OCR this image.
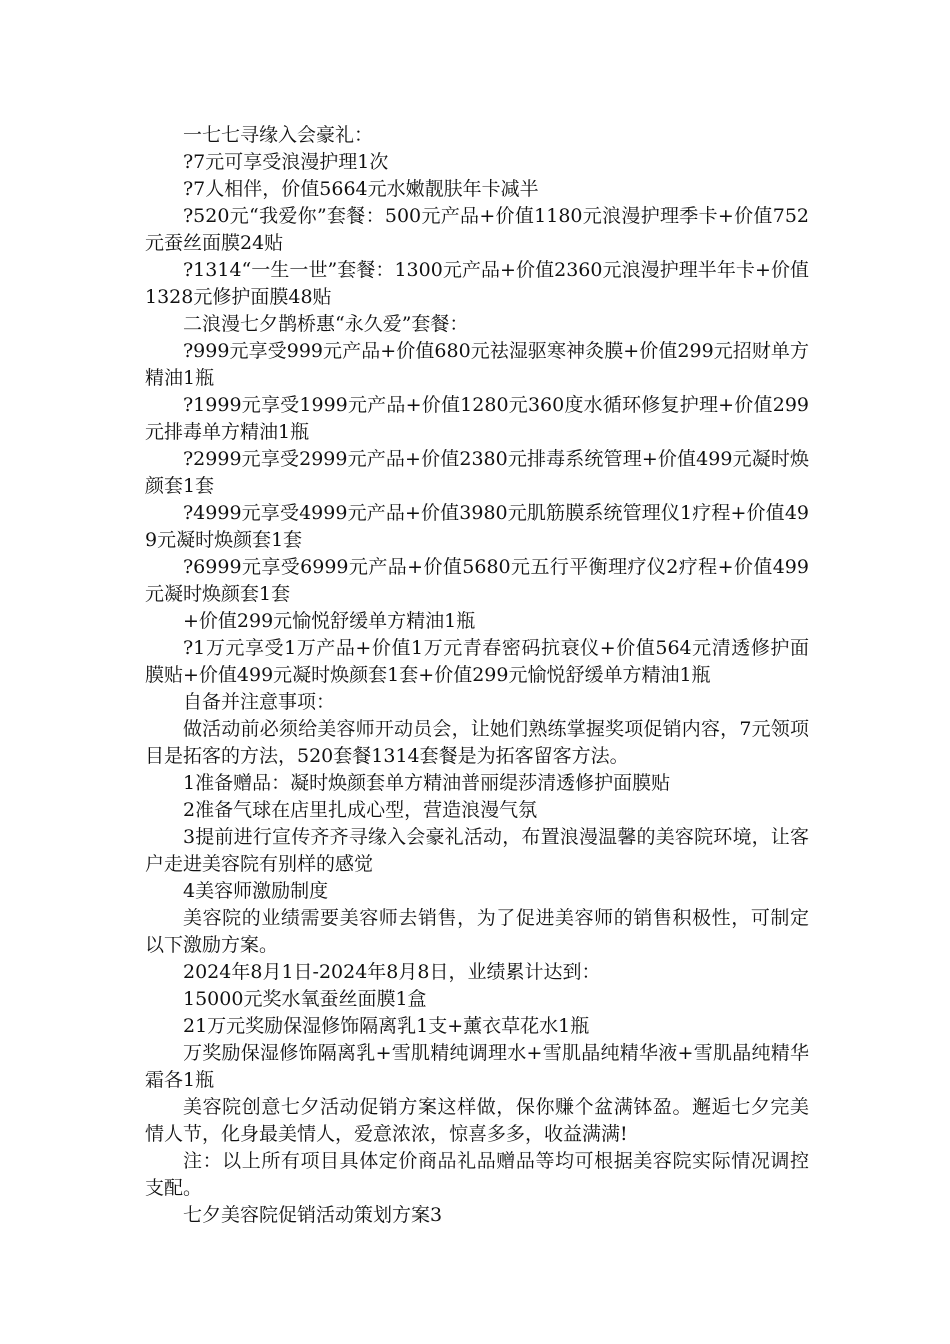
一七七寻缘入会豪礼：

?7元可享受浪漫护理1次

?7人相伴，价值5664元水嫩靓肤年卡减半

?520元“我爱你”套餐：500元产品+价值1180元浪漫护理季卡+价值752元蚕丝面膜24贴

?1314“一生一世”套餐：1300元产品+价值2360元浪漫护理半年卡+价值1328元修护面膜48贴

二浪漫七夕鹊桥惠“永久爱”套餐：

?999元享受999元产品+价值680元祛湿驱寒神灸膜+价值299元招财单方精油1瓶

?1999元享受1999元产品+价值1280元360度水循环修复护理+价值299元排毒单方精油1瓶

?2999元享受2999元产品+价值2380元排毒系统管理+价值499元凝时焕颜套1套

?4999元享受4999元产品+价值3980元肌筋膜系统管理仪1疗程+价值499元凝时焕颜套1套

?6999元享受6999元产品+价值5680元五行平衡理疗仪2疗程+价值499元凝时焕颜套1套

+价值299元愉悦舒缓单方精油1瓶

?1万元享受1万产品+价值1万元青春密码抗衰仪+价值564元清透修护面膜贴+价值499元凝时焕颜套1套+价值299元愉悦舒缓单方精油1瓶

自备并注意事项：

做活动前必须给美容师开动员会，让她们熟练掌握奖项促销内容，7元领项目是拓客的方法，520套餐1314套餐是为拓客留客方法。

1准备赠品：凝时焕颜套单方精油普丽缇莎清透修护面膜贴

2准备气球在店里扎成心型，营造浪漫气氛

3提前进行宣传齐齐寻缘入会豪礼活动，布置浪漫温馨的美容院环境，让客户走进美容院有别样的感觉

4美容师激励制度

美容院的业绩需要美容师去销售，为了促进美容师的销售积极性，可制定以下激励方案。

2024年8月1日-2024年8月8日，业绩累计达到：

15000元奖水氧蚕丝面膜1盒

21万元奖励保湿修饰隔离乳1支+薰衣草花水1瓶

万奖励保湿修饰隔离乳+雪肌精纯调理水+雪肌晶纯精华液+雪肌晶纯精华霜各1瓶

美容院创意七夕活动促销方案这样做，保你赚个盆满钵盈。邂逅七夕完美情人节，化身最美情人，爱意浓浓，惊喜多多，收益满满!

注：以上所有项目具体定价商品礼品赠品等均可根据美容院实际情况调控支配。

七夕美容院促销活动策划方案3
